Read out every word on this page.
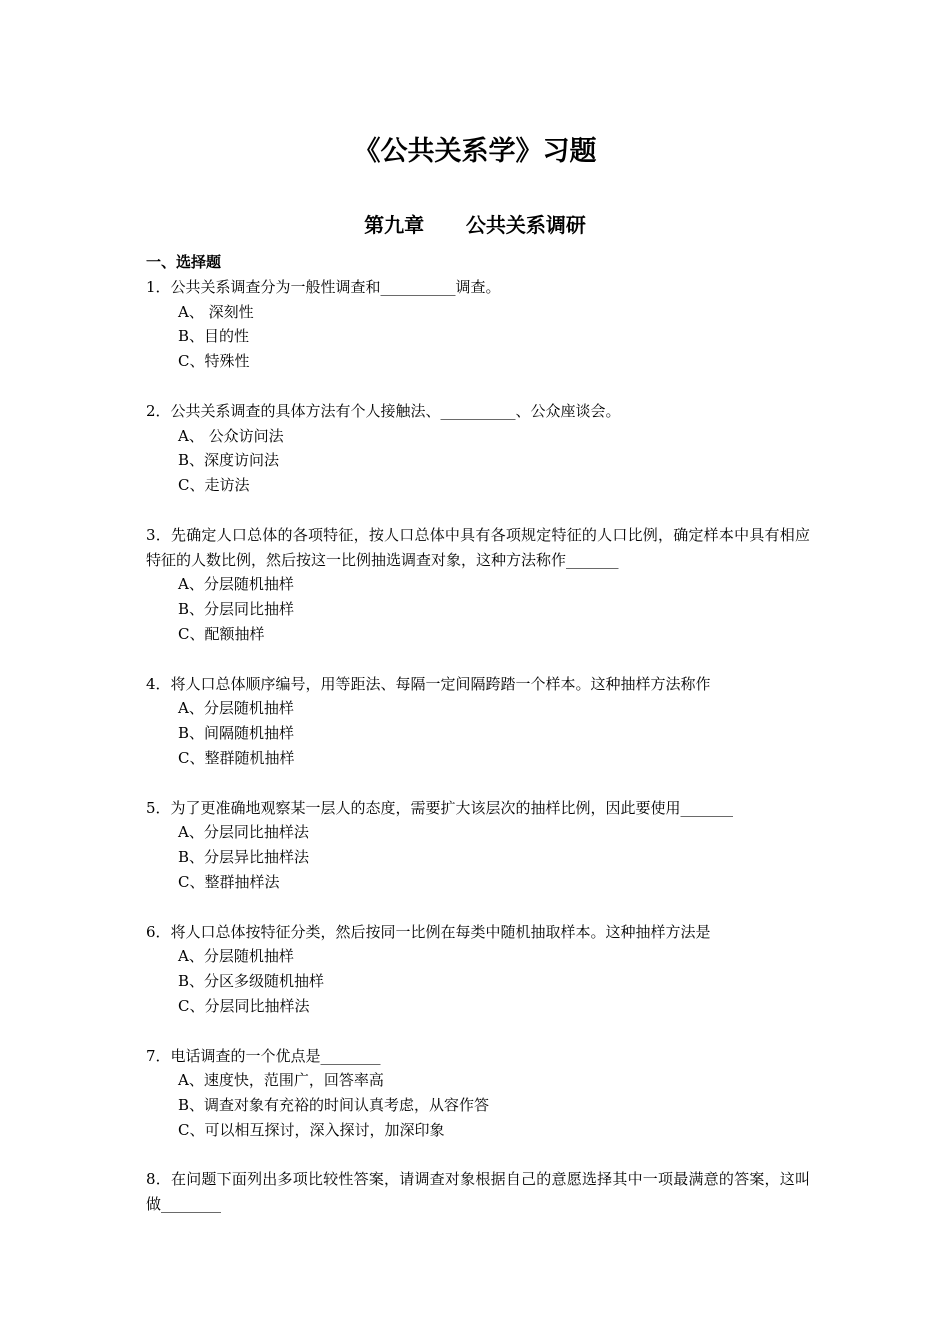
《公共关系学》习题
第九章      公共关系调研
一、选择题
1．公共关系调查分为一般性调查和__________调查。
A、 深刻性
B、目的性
C、特殊性
2．公共关系调查的具体方法有个人接触法、__________、公众座谈会。
A、 公众访问法
B、深度访问法
C、走访法
3．先确定人口总体的各项特征，按人口总体中具有各项规定特征的人口比例，确定样本中具有相应特征的人数比例，然后按这一比例抽选调查对象，这种方法称作_______
A、分层随机抽样
B、分层同比抽样
C、配额抽样
4．将人口总体顺序编号，用等距法、每隔一定间隔跨踏一个样本。这种抽样方法称作
A、分层随机抽样
B、间隔随机抽样
C、整群随机抽样
5．为了更准确地观察某一层人的态度，需要扩大该层次的抽样比例，因此要使用_______
A、分层同比抽样法
B、分层异比抽样法
C、整群抽样法
6．将人口总体按特征分类，然后按同一比例在每类中随机抽取样本。这种抽样方法是
A、分层随机抽样
B、分区多级随机抽样
C、分层同比抽样法
7．电话调查的一个优点是________
A、速度快，范围广，回答率高
B、调查对象有充裕的时间认真考虑，从容作答
C、可以相互探讨，深入探讨，加深印象
8．在问题下面列出多项比较性答案，请调查对象根据自己的意愿选择其中一项最满意的答案，这叫做________
